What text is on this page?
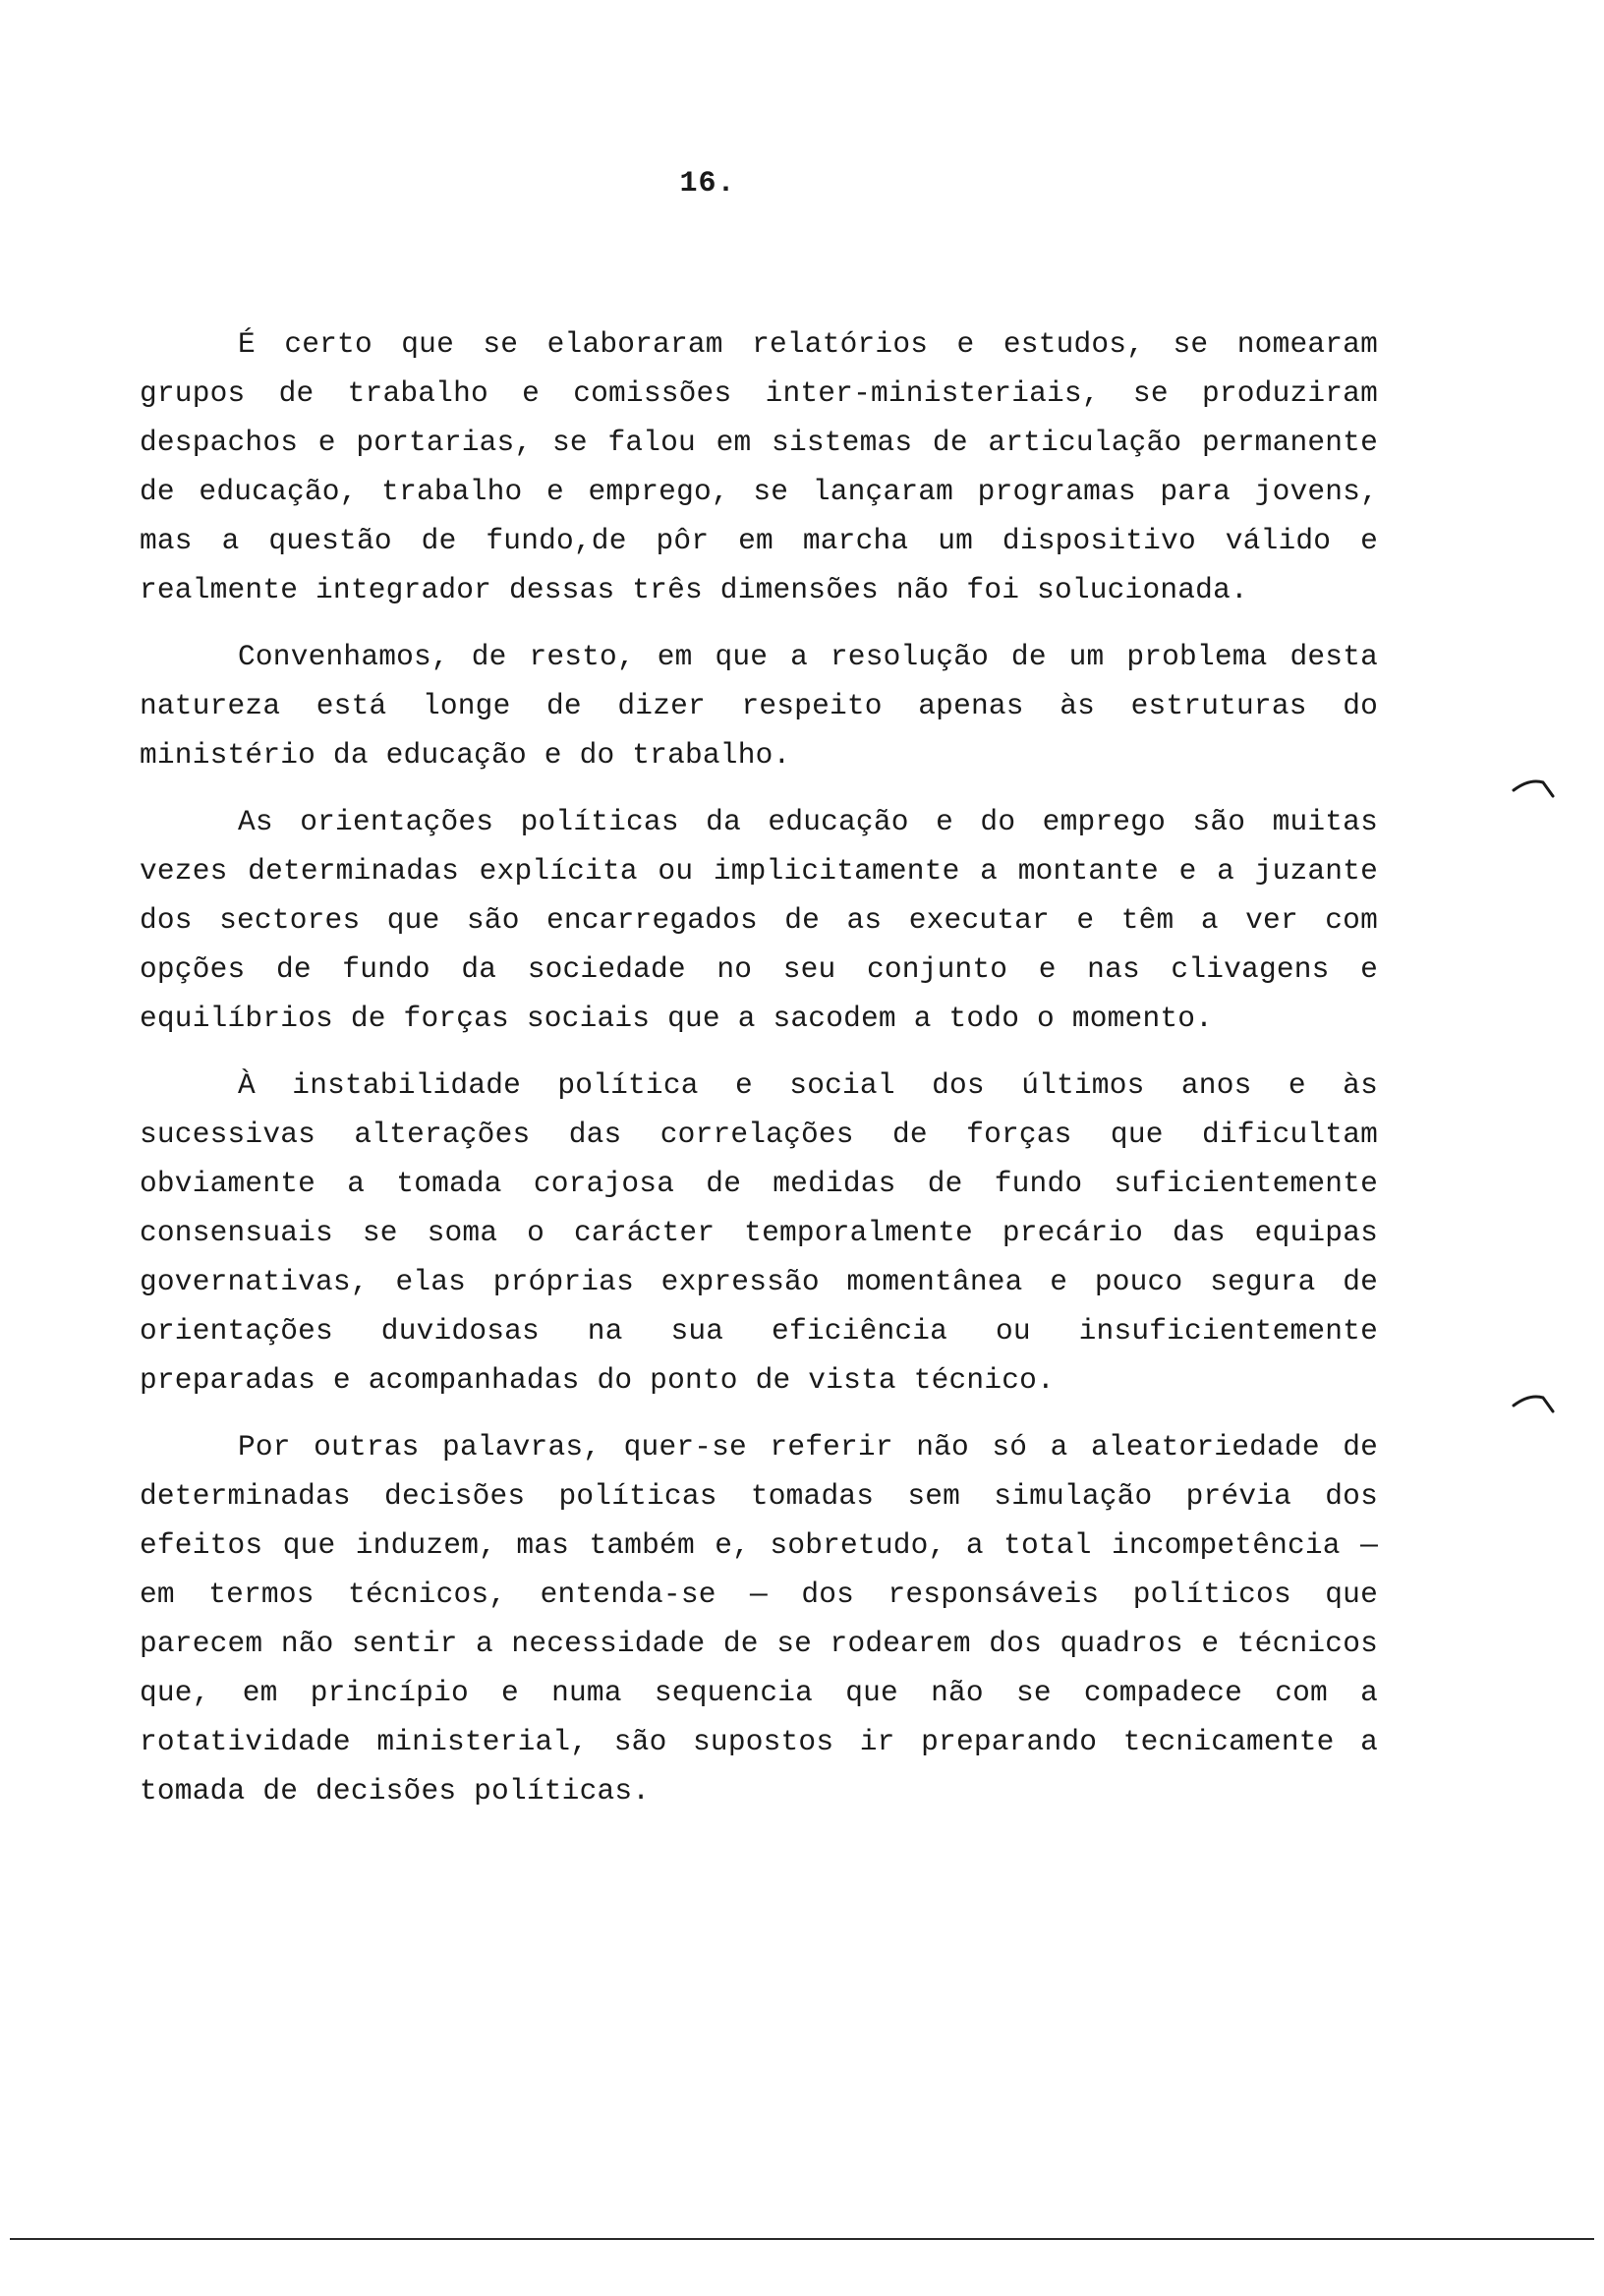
16.

É certo que se elaboraram relatórios e estudos, se nomearam grupos de trabalho e comissões inter-ministeriais, se produziram despachos e portarias, se falou em sistemas de articulação permanente de educação, trabalho e emprego, se lançaram programas para jovens, mas a questão de fundo,de pôr em marcha um dispositivo válido e realmente integrador dessas três dimensões não foi solucionada.

Convenhamos, de resto, em que a resolução de um problema desta natureza está longe de dizer respeito apenas às estruturas do ministério da educação e do trabalho.

As orientações políticas da educação e do emprego são muitas vezes determinadas explícita ou implicitamente a montante e a juzante dos sectores que são encarregados de as executar e têm a ver com opções de fundo da sociedade no seu conjunto e nas clivagens e equilíbrios de forças sociais que a sacodem a todo o momento.

À instabilidade política e social dos últimos anos e às sucessivas alterações das correlações de forças que dificultam obviamente a tomada corajosa de medidas de fundo suficientemente consensuais se soma o carácter temporalmente precário das equipas governativas, elas próprias expressão momentânea e pouco segura de orientações duvidosas na sua eficiência ou insuficientemente preparadas e acompanhadas do ponto de vista técnico.

Por outras palavras, quer-se referir não só a aleatoriedade de determinadas decisões políticas tomadas sem simulação prévia dos efeitos que induzem, mas também e, sobretudo, a total incompetência — em termos técnicos, entenda-se — dos responsáveis políticos que parecem não sentir a necessidade de se rodearem dos quadros e técnicos que, em princípio e numa sequencia que não se compadece com a rotatividade ministerial, são supostos ir preparando tecnicamente a tomada de decisões políticas.
